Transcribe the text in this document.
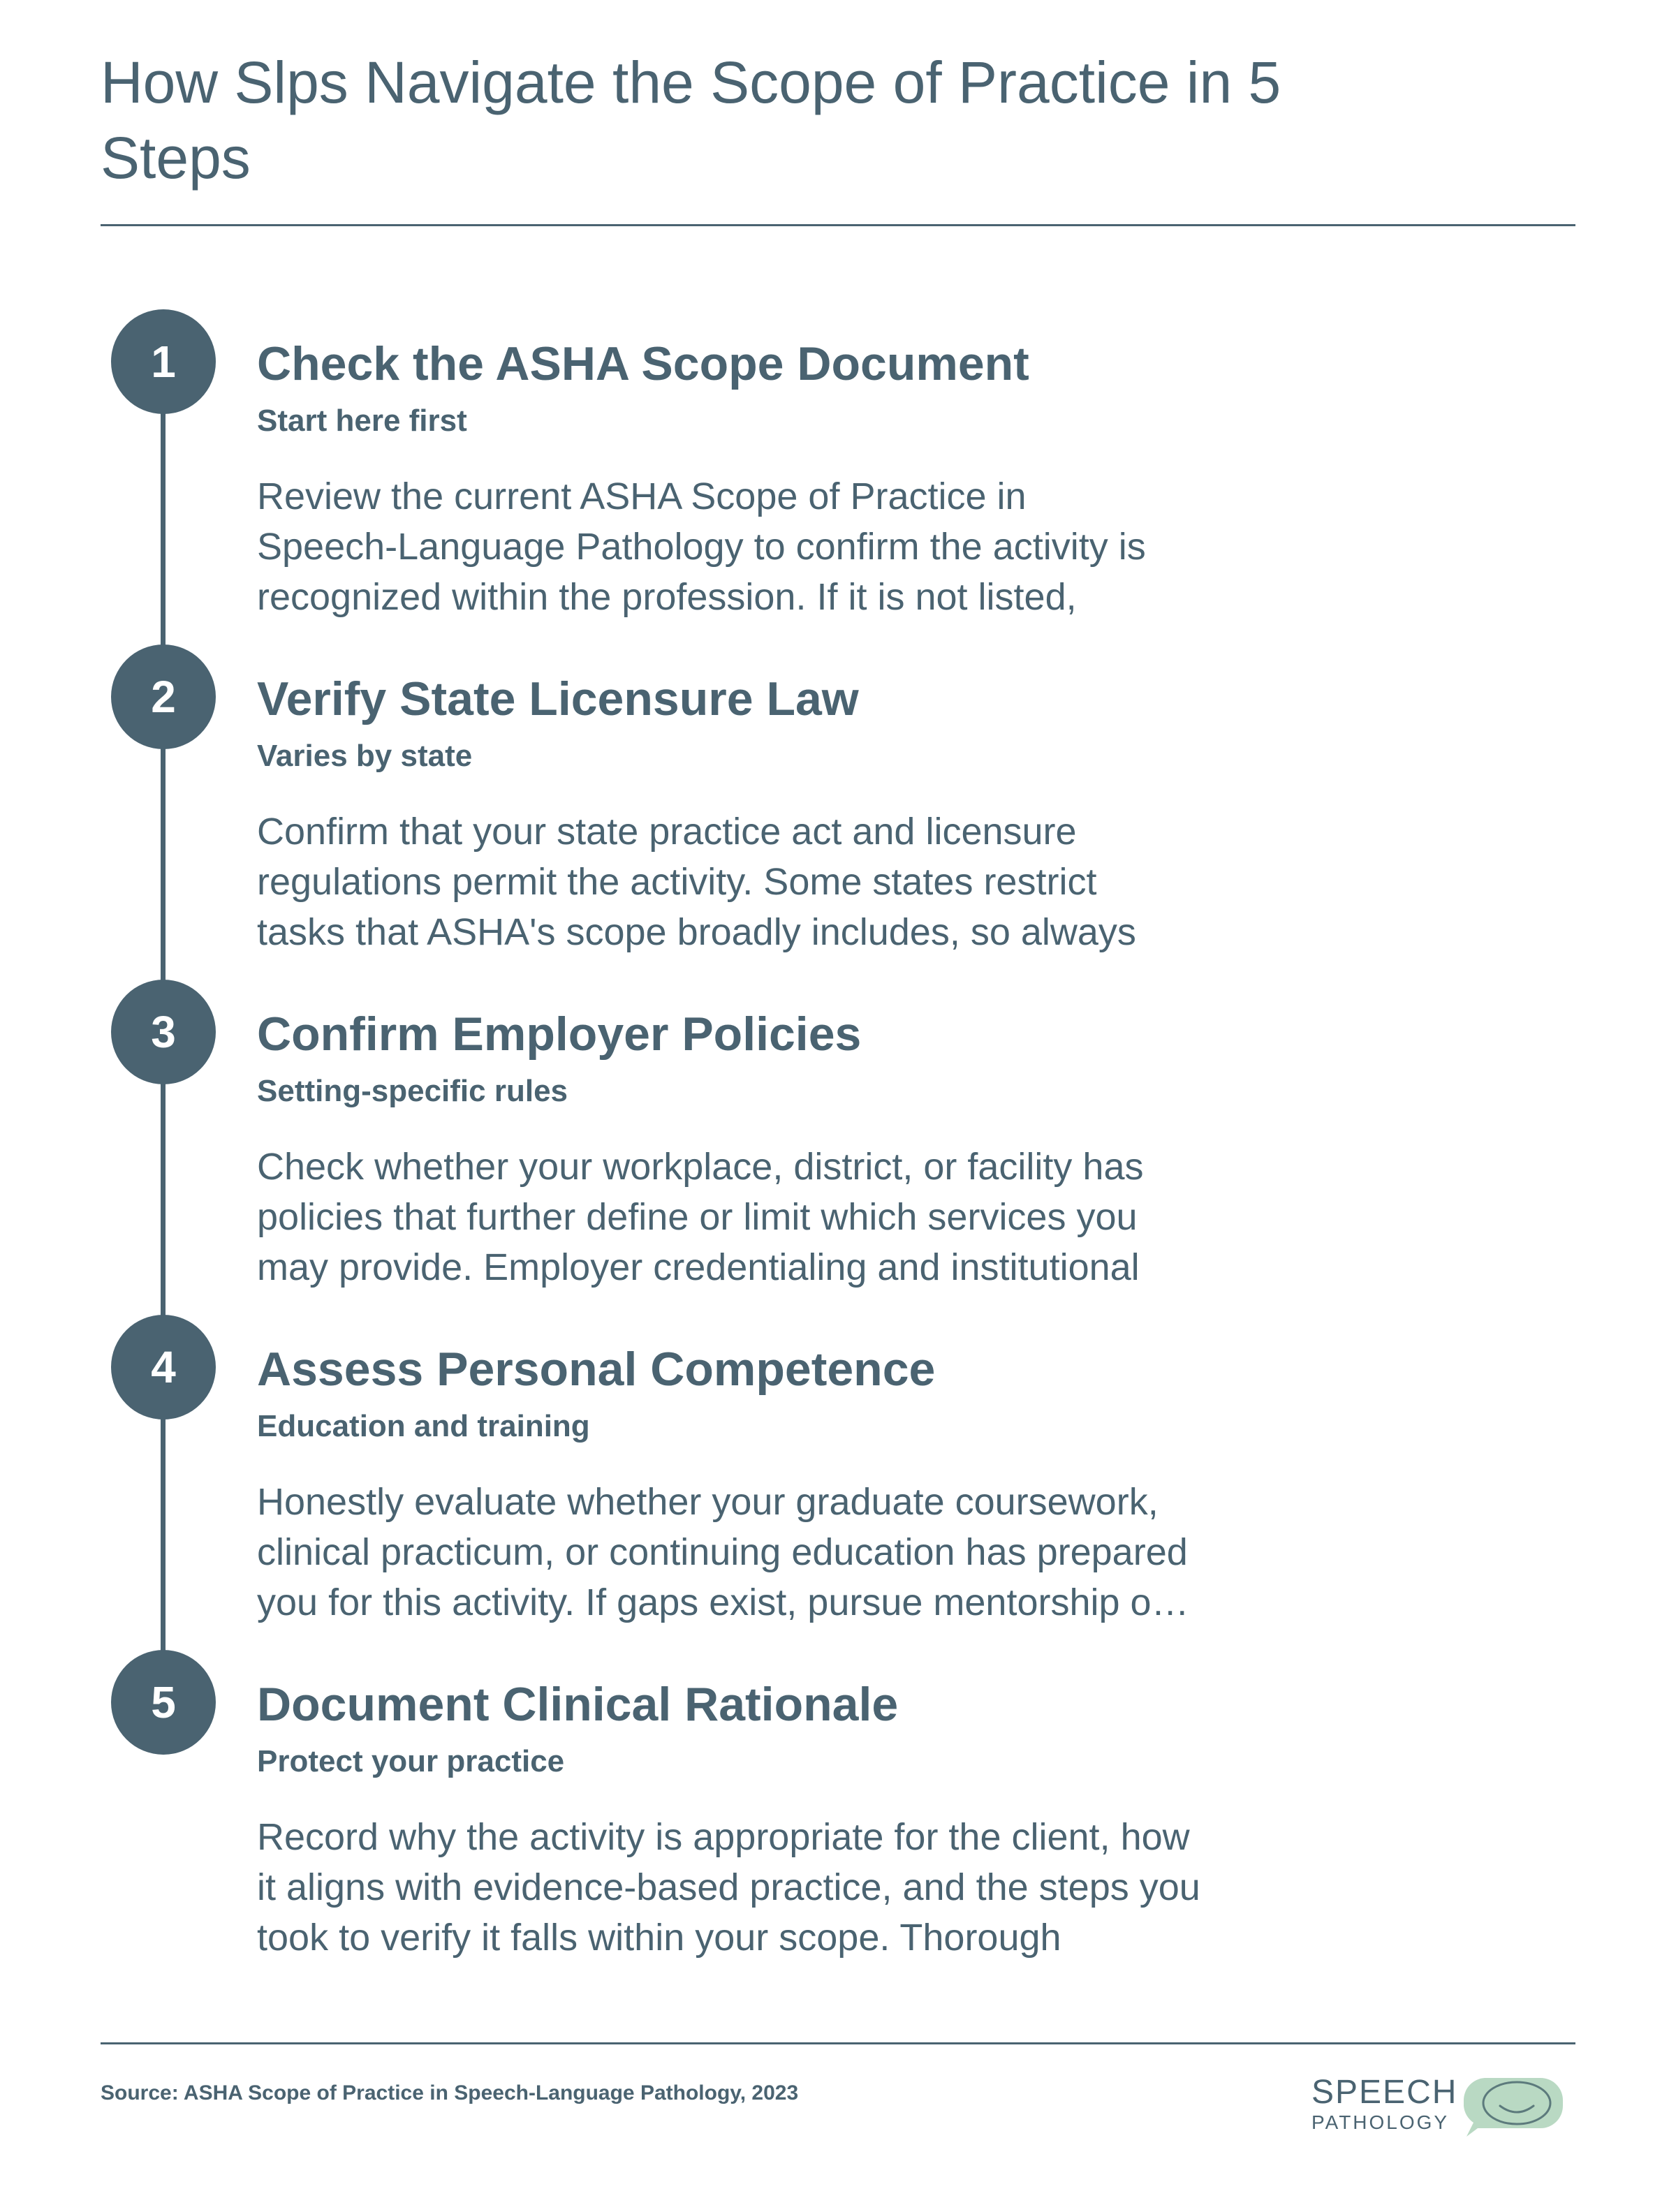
How Slps Navigate the Scope of Practice in 5 Steps
1	Check the ASHA Scope Document
Start here first
Review the current ASHA Scope of Practice in
Speech-Language Pathology to confirm the activity is
recognized within the profession. If it is not listed,
2	Verify State Licensure Law
Varies by state
Confirm that your state practice act and licensure
regulations permit the activity. Some states restrict
tasks that ASHA's scope broadly includes, so always
3	Confirm Employer Policies
Setting-specific rules
Check whether your workplace, district, or facility has
policies that further define or limit which services you
may provide. Employer credentialing and institutional
4	Assess Personal Competence
Education and training
Honestly evaluate whether your graduate coursework,
clinical practicum, or continuing education has prepared
you for this activity. If gaps exist, pursue mentorship o…
5	Document Clinical Rationale
Protect your practice
Record why the activity is appropriate for the client, how
it aligns with evidence-based practice, and the steps you
took to verify it falls within your scope. Thorough
Source: ASHA Scope of Practice in Speech-Language Pathology, 2023	SPEECH
PATHOLOGY
